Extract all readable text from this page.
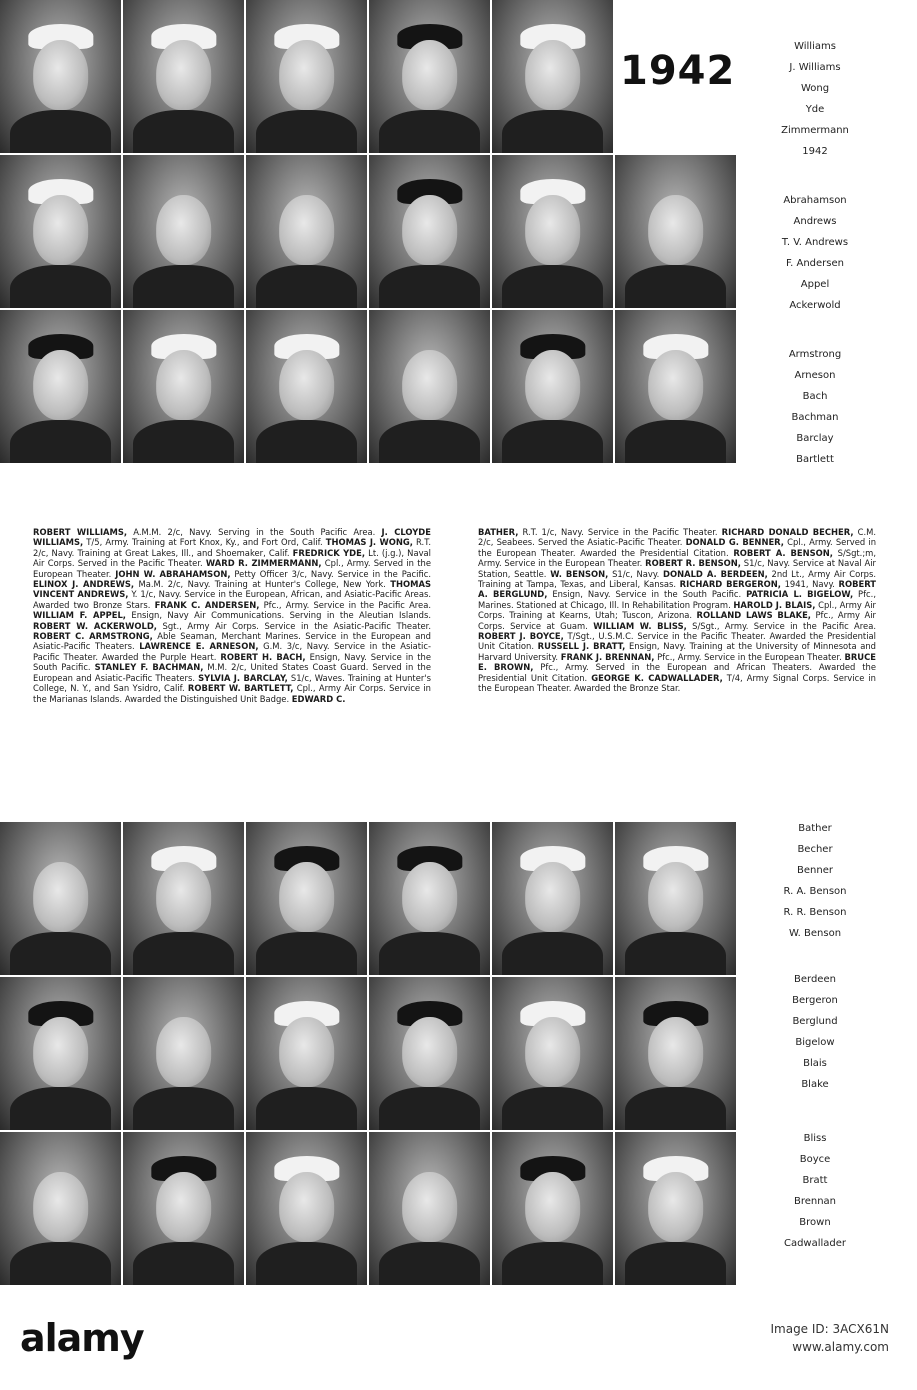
1942
Williams
J. Williams
Wong
Yde
Zimmermann
1942
Abrahamson
Andrews
T. V. Andrews
F. Andersen
Appel
Ackerwold
Armstrong
Arneson
Bach
Bachman
Barclay
Bartlett
ROBERT WILLIAMS, A.M.M. 2/c, Navy. Serving in the South Pacific Area. J. CLOYDE WILLIAMS, T/5, Army. Training at Fort Knox, Ky., and Fort Ord, Calif. THOMAS J. WONG, R.T. 2/c, Navy. Training at Great Lakes, Ill., and Shoemaker, Calif. FREDRICK YDE, Lt. (j.g.), Naval Air Corps. Served in the Pacific Theater. WARD R. ZIMMERMANN, Cpl., Army. Served in the European Theater. JOHN W. ABRAHAMSON, Petty Officer 3/c, Navy. Service in the Pacific. ELINOX J. ANDREWS, Ma.M. 2/c, Navy. Training at Hunter's College, New York. THOMAS VINCENT ANDREWS, Y. 1/c, Navy. Service in the European, African, and Asiatic-Pacific Areas. Awarded two Bronze Stars. FRANK C. ANDERSEN, Pfc., Army. Service in the Pacific Area. WILLIAM F. APPEL, Ensign, Navy Air Communications. Serving in the Aleutian Islands. ROBERT W. ACKERWOLD, Sgt., Army Air Corps. Service in the Asiatic-Pacific Theater. ROBERT C. ARMSTRONG, Able Seaman, Merchant Marines. Service in the European and Asiatic-Pacific Theaters. LAWRENCE E. ARNESON, G.M. 3/c, Navy. Service in the Asiatic-Pacific Theater. Awarded the Purple Heart. ROBERT H. BACH, Ensign, Navy. Service in the South Pacific. STANLEY F. BACHMAN, M.M. 2/c, United States Coast Guard. Served in the European and Asiatic-Pacific Theaters. SYLVIA J. BARCLAY, S1/c, Waves. Training at Hunter's College, N. Y., and San Ysidro, Calif. ROBERT W. BARTLETT, Cpl., Army Air Corps. Service in the Marianas Islands. Awarded the Distinguished Unit Badge. EDWARD C.
BATHER, R.T. 1/c, Navy. Service in the Pacific Theater. RICHARD DONALD BECHER, C.M. 2/c, Seabees. Served the Asiatic-Pacific Theater. DONALD G. BENNER, Cpl., Army. Served in the European Theater. Awarded the Presidential Citation. ROBERT A. BENSON, S/Sgt.;m, Army. Service in the European Theater. ROBERT R. BENSON, S1/c, Navy. Service at Naval Air Station, Seattle. W. BENSON, S1/c, Navy. DONALD A. BERDEEN, 2nd Lt., Army Air Corps. Training at Tampa, Texas, and Liberal, Kansas. RICHARD BERGERON, 1941, Navy. ROBERT A. BERGLUND, Ensign, Navy. Service in the South Pacific. PATRICIA L. BIGELOW, Pfc., Marines. Stationed at Chicago, Ill. In Rehabilitation Program. HAROLD J. BLAIS, Cpl., Army Air Corps. Training at Kearns, Utah; Tuscon, Arizona. ROLLAND LAWS BLAKE, Pfc., Army Air Corps. Service at Guam. WILLIAM W. BLISS, S/Sgt., Army. Service in the Pacific Area. ROBERT J. BOYCE, T/Sgt., U.S.M.C. Service in the Pacific Theater. Awarded the Presidential Unit Citation. RUSSELL J. BRATT, Ensign, Navy. Training at the University of Minnesota and Harvard University. FRANK J. BRENNAN, Pfc., Army. Service in the European Theater. BRUCE E. BROWN, Pfc., Army. Served in the European and African Theaters. Awarded the Presidential Unit Citation. GEORGE K. CADWALLADER, T/4, Army Signal Corps. Service in the European Theater. Awarded the Bronze Star.
Bather
Becher
Benner
R. A. Benson
R. R. Benson
W. Benson
Berdeen
Bergeron
Berglund
Bigelow
Blais
Blake
Bliss
Boyce
Bratt
Brennan
Brown
Cadwallader
alamy	Image ID: 3ACX61N
www.alamy.com
